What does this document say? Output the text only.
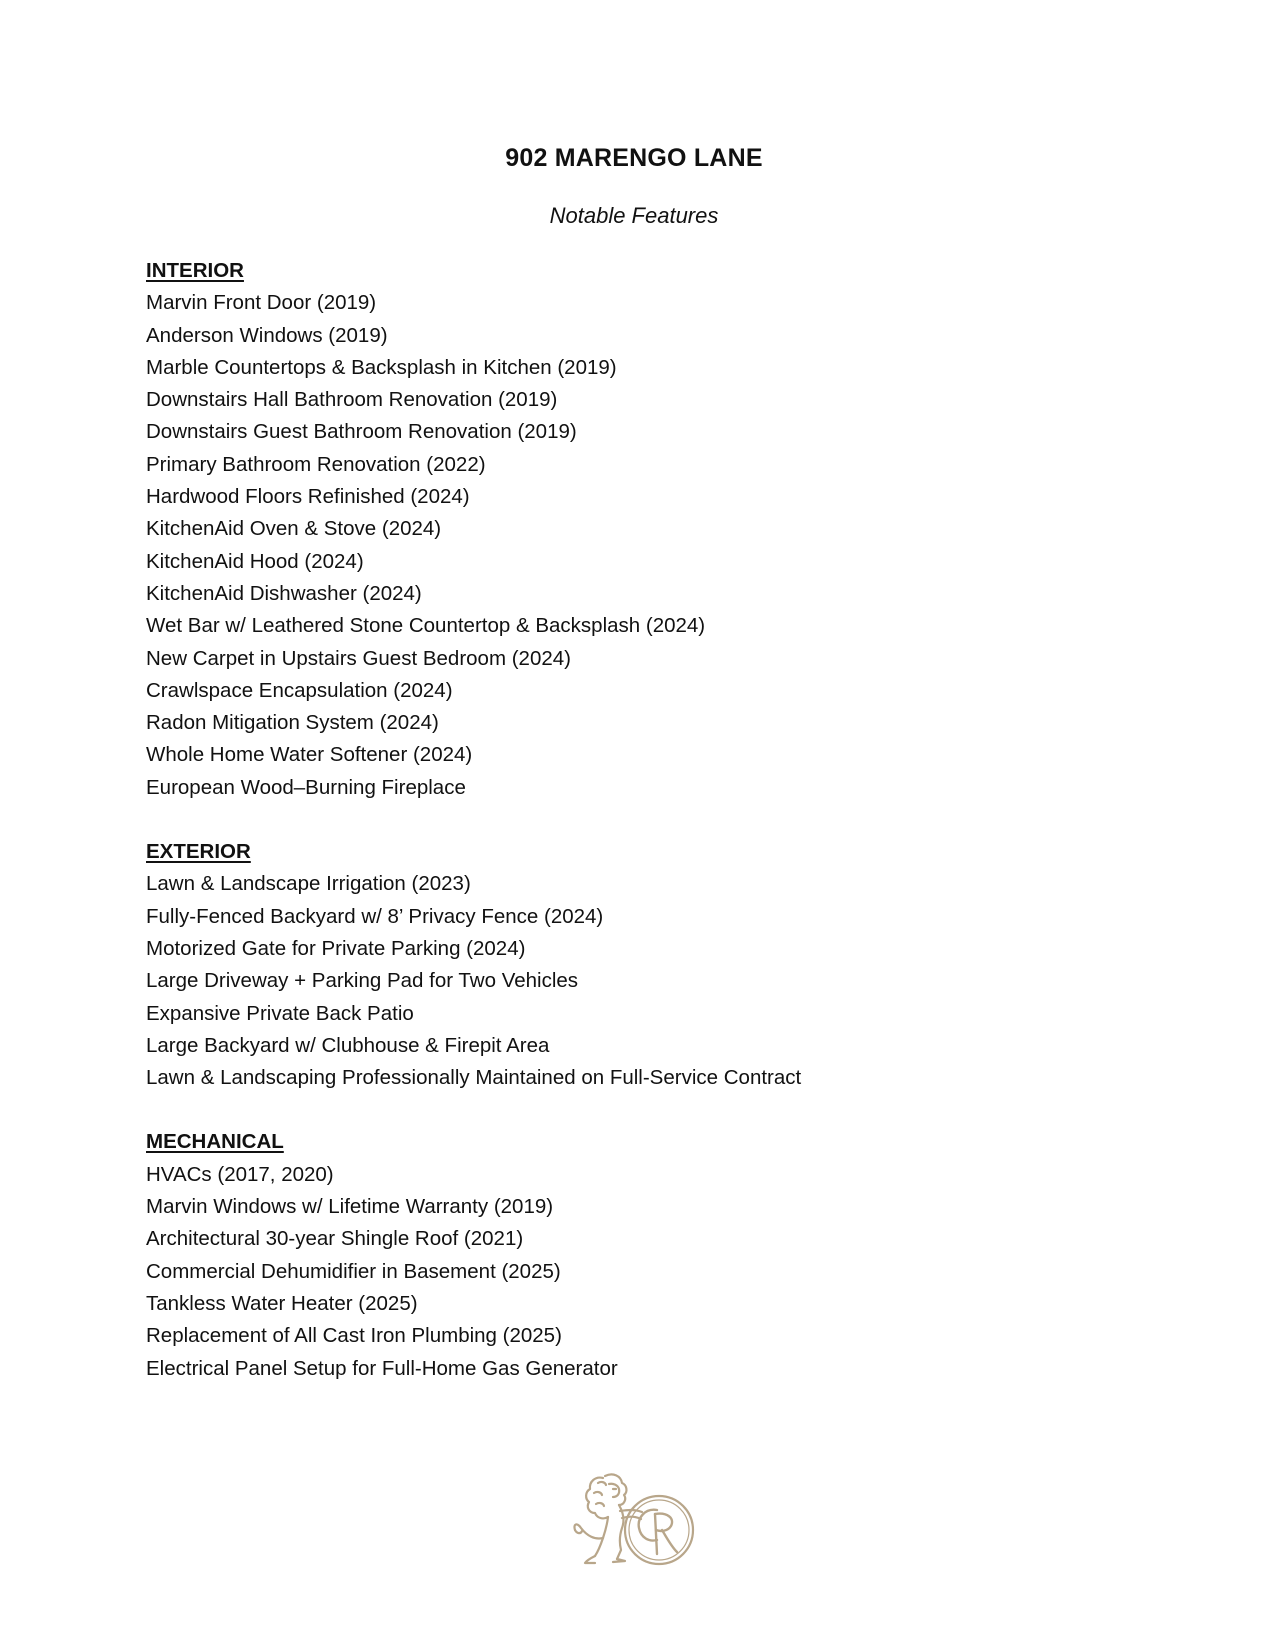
902 MARENGO LANE

Notable Features

INTERIOR
Marvin Front Door (2019)
Anderson Windows (2019)
Marble Countertops & Backsplash in Kitchen (2019)
Downstairs Hall Bathroom Renovation (2019)
Downstairs Guest Bathroom Renovation (2019)
Primary Bathroom Renovation (2022)
Hardwood Floors Refinished (2024)
KitchenAid Oven & Stove (2024)
KitchenAid Hood (2024)
KitchenAid Dishwasher (2024)
Wet Bar w/ Leathered Stone Countertop & Backsplash (2024)
New Carpet in Upstairs Guest Bedroom (2024)
Crawlspace Encapsulation (2024)
Radon Mitigation System (2024)
Whole Home Water Softener (2024)
European Wood–Burning Fireplace
EXTERIOR
Lawn & Landscape Irrigation (2023)
Fully-Fenced Backyard w/ 8’ Privacy Fence (2024)
Motorized Gate for Private Parking (2024)
Large Driveway + Parking Pad for Two Vehicles
Expansive Private Back Patio
Large Backyard w/ Clubhouse & Firepit Area
Lawn & Landscaping Professionally Maintained on Full-Service Contract
MECHANICAL
HVACs (2017, 2020)
Marvin Windows w/ Lifetime Warranty (2019)
Architectural 30-year Shingle Roof (2021)
Commercial Dehumidifier in Basement (2025)
Tankless Water Heater (2025)
Replacement of All Cast Iron Plumbing (2025)
Electrical Panel Setup for Full-Home Gas Generator
